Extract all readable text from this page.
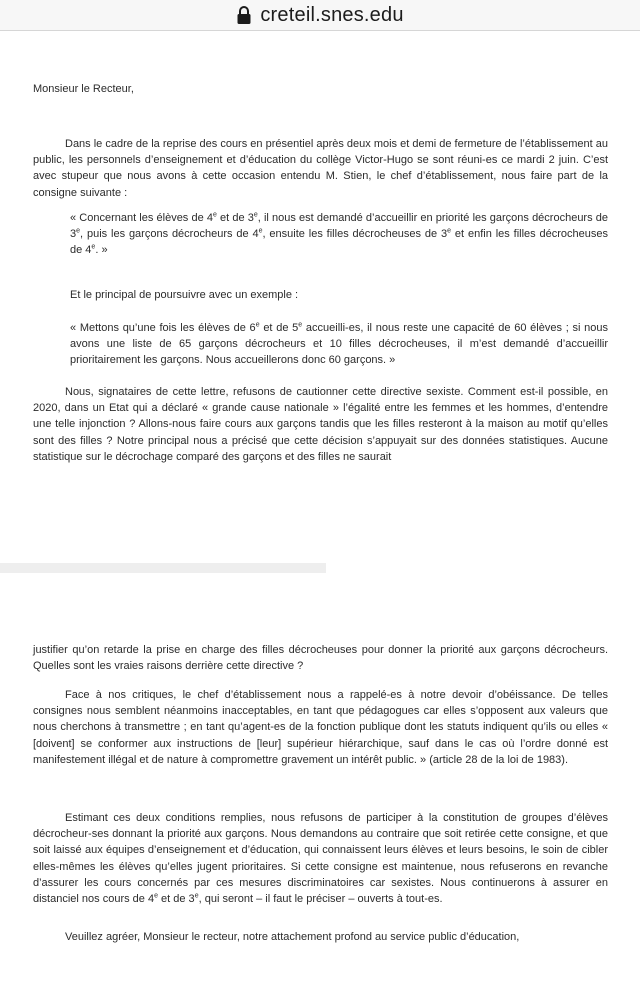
creteil.snes.edu

Monsieur le Recteur,

Dans le cadre de la reprise des cours en présentiel après deux mois et demi de fermeture de l’établissement au public, les personnels d’enseignement et d’éducation du collège Victor-Hugo se sont réuni-es ce mardi 2 juin. C’est avec stupeur que nous avons à cette occasion entendu M. Stien, le chef d’établissement, nous faire part de la consigne suivante :

« Concernant les élèves de 4e et de 3e, il nous est demandé d’accueillir en priorité les garçons décrocheurs de 3e, puis les garçons décrocheurs de 4e, ensuite les filles décrocheuses de 3e et enfin les filles décrocheuses de 4e. »

Et le principal de poursuivre avec un exemple :

« Mettons qu’une fois les élèves de 6e et de 5e accueilli-es, il nous reste une capacité de 60 élèves ; si nous avons une liste de 65 garçons décrocheurs et 10 filles décrocheuses, il m’est demandé d’accueillir prioritairement les garçons. Nous accueillerons donc 60 garçons. »

Nous, signataires de cette lettre, refusons de cautionner cette directive sexiste. Comment est-il possible, en 2020, dans un Etat qui a déclaré « grande cause nationale » l’égalité entre les femmes et les hommes, d’entendre une telle injonction ? Allons-nous faire cours aux garçons tandis que les filles resteront à la maison au motif qu’elles sont des filles ? Notre principal nous a précisé que cette décision s’appuyait sur des données statistiques. Aucune statistique sur le décrochage comparé des garçons et des filles ne saurait

justifier qu’on retarde la prise en charge des filles décrocheuses pour donner la priorité aux garçons décrocheurs. Quelles sont les vraies raisons derrière cette directive ?

Face à nos critiques, le chef d’établissement nous a rappelé-es à notre devoir d’obéissance. De telles consignes nous semblent néanmoins inacceptables, en tant que pédagogues car elles s’opposent aux valeurs que nous cherchons à transmettre ; en tant qu’agent-es de la fonction publique dont les statuts indiquent qu’ils ou elles « [doivent] se conformer aux instructions de [leur] supérieur hiérarchique, sauf dans le cas où l’ordre donné est manifestement illégal et de nature à compromettre gravement un intérêt public. » (article 28 de la loi de 1983).

Estimant ces deux conditions remplies, nous refusons de participer à la constitution de groupes d’élèves décrocheur-ses donnant la priorité aux garçons. Nous demandons au contraire que soit retirée cette consigne, et que soit laissé aux équipes d’enseignement et d’éducation, qui connaissent leurs élèves et leurs besoins, le soin de cibler elles-mêmes les élèves qu’elles jugent prioritaires. Si cette consigne est maintenue, nous refuserons en revanche d’assurer les cours concernés par ces mesures discriminatoires car sexistes. Nous continuerons à assurer en distanciel nos cours de 4e et de 3e, qui seront – il faut le préciser – ouverts à tout-es.

Veuillez agréer, Monsieur le recteur, notre attachement profond au service public d’éducation,
